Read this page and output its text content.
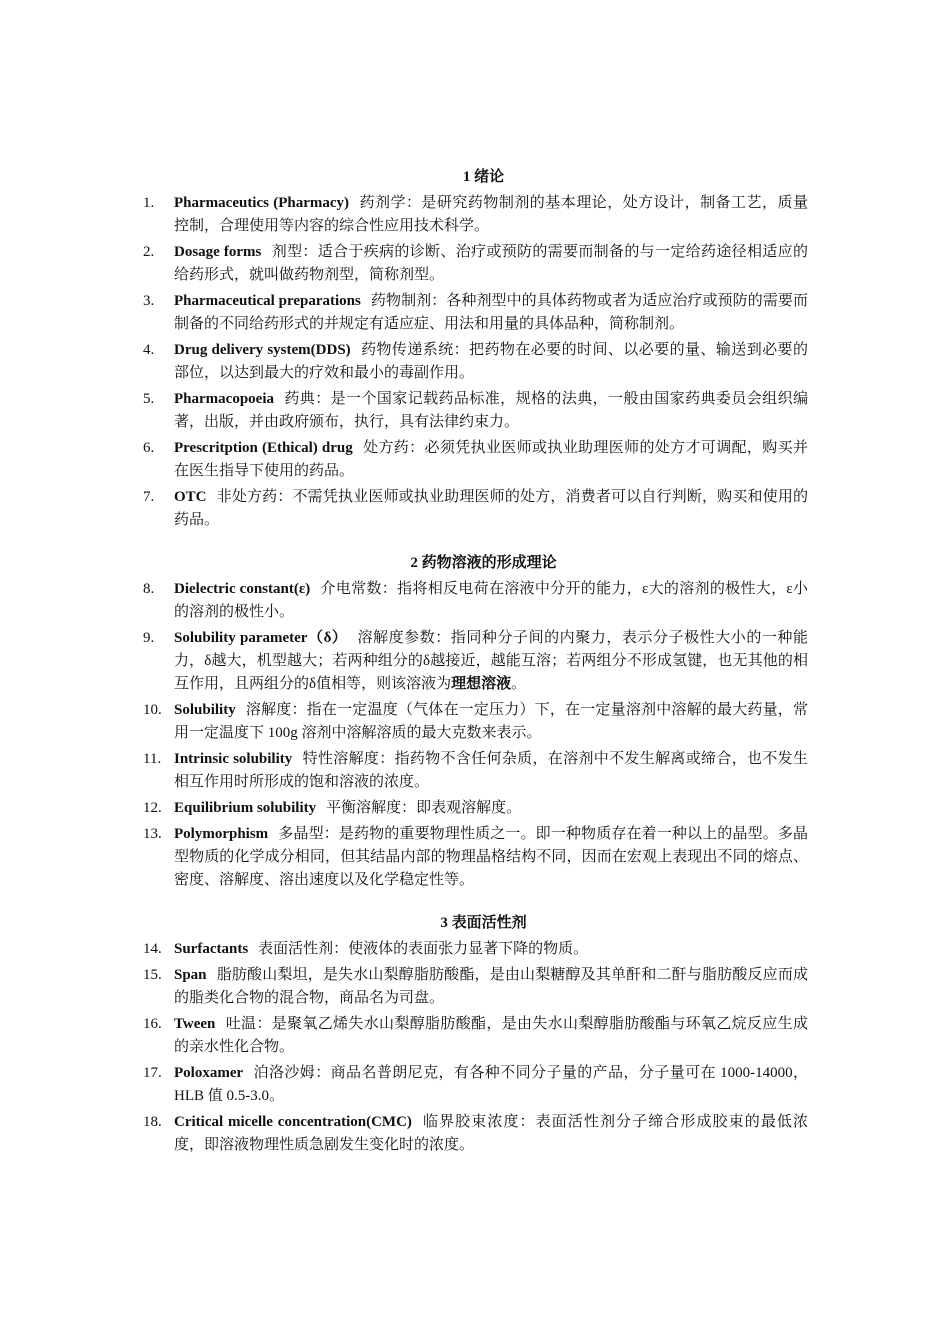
1 绪论
1.	Pharmaceutics (Pharmacy) 药剂学：是研究药物制剂的基本理论，处方设计，制备工艺，质量控制，合理使用等内容的综合性应用技术科学。
2.	Dosage forms 剂型：适合于疾病的诊断、治疗或预防的需要而制备的与一定给药途径相适应的给药形式，就叫做药物剂型，简称剂型。
3.	Pharmaceutical preparations 药物制剂：各种剂型中的具体药物或者为适应治疗或预防的需要而制备的不同给药形式的并规定有适应症、用法和用量的具体品种，简称制剂。
4.	Drug delivery system(DDS) 药物传递系统：把药物在必要的时间、以必要的量、输送到必要的部位，以达到最大的疗效和最小的毒副作用。
5.	Pharmacopoeia 药典：是一个国家记载药品标准，规格的法典，一般由国家药典委员会组织编著，出版，并由政府颁布，执行，具有法律约束力。
6.	Prescritption (Ethical) drug 处方药：必须凭执业医师或执业助理医师的处方才可调配，购买并在医生指导下使用的药品。
7.	OTC 非处方药：不需凭执业医师或执业助理医师的处方，消费者可以自行判断，购买和使用的药品。
2 药物溶液的形成理论
8.	Dielectric constant(ε) 介电常数：指将相反电荷在溶液中分开的能力，ε大的溶剂的极性大，ε小的溶剂的极性小。
9.	Solubility parameter（δ） 溶解度参数：指同种分子间的内聚力，表示分子极性大小的一种能力，δ越大，机型越大；若两种组分的δ越接近，越能互溶；若两组分不形成氢键，也无其他的相互作用，且两组分的δ值相等，则该溶液为理想溶液。
10. Solubility 溶解度：指在一定温度（气体在一定压力）下，在一定量溶剂中溶解的最大药量，常用一定温度下 100g 溶剂中溶解溶质的最大克数来表示。
11. Intrinsic solubility 特性溶解度：指药物不含任何杂质，在溶剂中不发生解离或缔合，也不发生相互作用时所形成的饱和溶液的浓度。
12. Equilibrium solubility 平衡溶解度：即表观溶解度。
13. Polymorphism 多晶型：是药物的重要物理性质之一。即一种物质存在着一种以上的晶型。多晶型物质的化学成分相同，但其结晶内部的物理晶格结构不同，因而在宏观上表现出不同的熔点、密度、溶解度、溶出速度以及化学稳定性等。
3 表面活性剂
14. Surfactants 表面活性剂：使液体的表面张力显著下降的物质。
15. Span 脂肪酸山梨坦，是失水山梨醇脂肪酸酯，是由山梨糖醇及其单酐和二酐与脂肪酸反应而成的脂类化合物的混合物，商品名为司盘。
16. Tween 吐温：是聚氧乙烯失水山梨醇脂肪酸酯，是由失水山梨醇脂肪酸酯与环氧乙烷反应生成的亲水性化合物。
17. Poloxamer 泊洛沙姆：商品名普朗尼克，有各种不同分子量的产品，分子量可在 1000-14000，HLB 值 0.5-3.0。
18. Critical micelle concentration(CMC) 临界胶束浓度：表面活性剂分子缔合形成胶束的最低浓度，即溶液物理性质急剧发生变化时的浓度。
